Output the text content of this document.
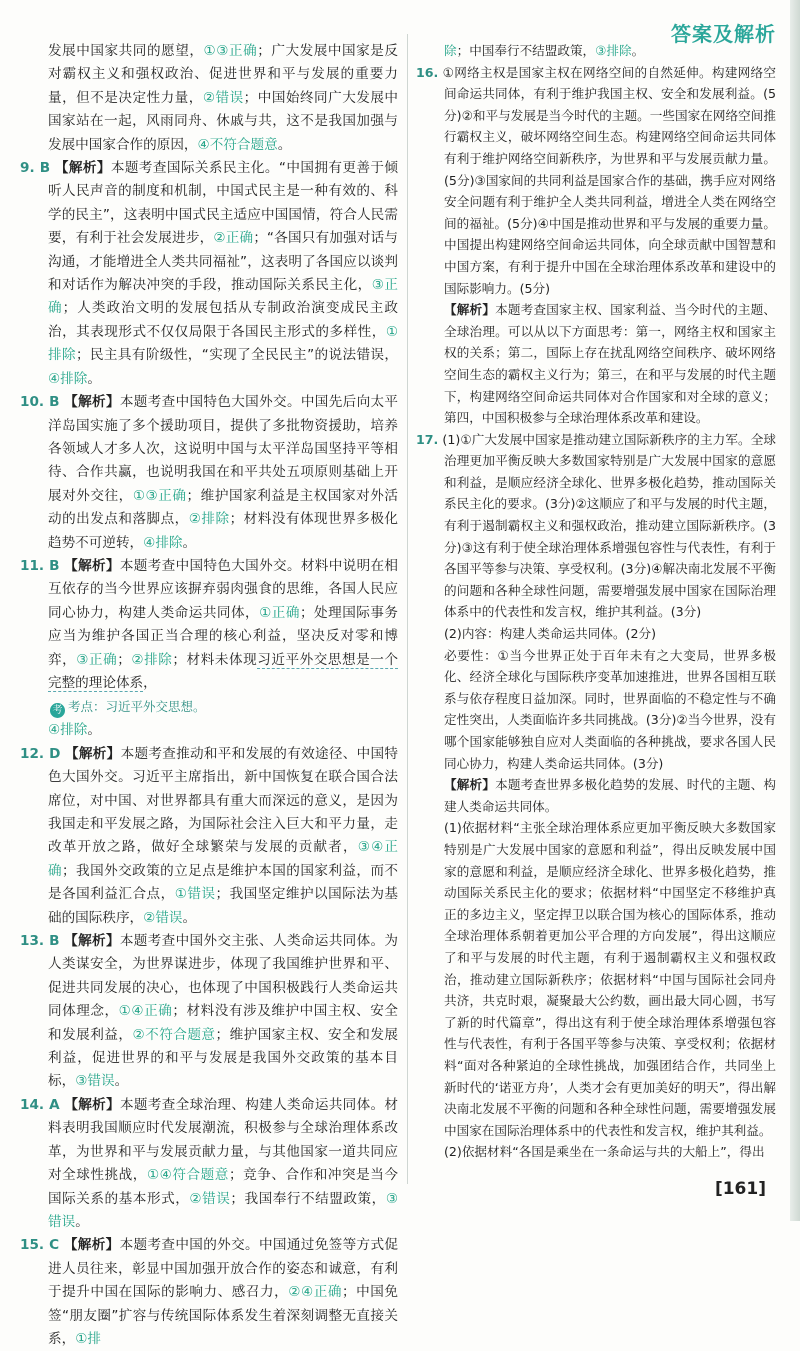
答案及解析

发展中国家共同的愿望，①③正确；广大发展中国家是反对霸权主义和强权政治、促进世界和平与发展的重要力量，但不是决定性力量，②错误；中国始终同广大发展中国家站在一起，风雨同舟、休戚与共，这不是我国加强与发展中国家合作的原因，④不符合题意。

9. B 【解析】本题考查国际关系民主化。“中国拥有更善于倾听人民声音的制度和机制，中国式民主是一种有效的、科学的民主”，这表明中国式民主适应中国国情，符合人民需要，有利于社会发展进步，②正确；“各国只有加强对话与沟通，才能增进全人类共同福祉”，这表明了各国应以谈判和对话作为解决冲突的手段，推动国际关系民主化，③正确；人类政治文明的发展包括从专制政治演变成民主政治，其表现形式不仅仅局限于各国民主形式的多样性，①排除；民主具有阶级性，“实现了全民民主”的说法错误，④排除。

10. B 【解析】本题考查中国特色大国外交。中国先后向太平洋岛国实施了多个援助项目，提供了多批物资援助，培养各领域人才多人次，这说明中国与太平洋岛国坚持平等相待、合作共赢，也说明我国在和平共处五项原则基础上开展对外交往，①③正确；维护国家利益是主权国家对外活动的出发点和落脚点，②排除；材料没有体现世界多极化趋势不可逆转，④排除。

11. B 【解析】本题考查中国特色大国外交。材料中说明在相互依存的当今世界应该摒弃弱肉强食的思维，各国人民应同心协力，构建人类命运共同体，①正确；处理国际事务应当为维护各国正当合理的核心利益，坚决反对零和博弈，③正确；②排除；材料未体现习近平外交思想是一个完整的理论体系，

考 考点：习近平外交思想。

④排除。

12. D 【解析】本题考查推动和平和发展的有效途径、中国特色大国外交。习近平主席指出，新中国恢复在联合国合法席位，对中国、对世界都具有重大而深远的意义，是因为我国走和平发展之路，为国际社会注入巨大和平力量，走改革开放之路，做好全球繁荣与发展的贡献者，③④正确；我国外交政策的立足点是维护本国的国家利益，而不是各国利益汇合点，①错误；我国坚定维护以国际法为基础的国际秩序，②错误。

13. B 【解析】本题考查中国外交主张、人类命运共同体。为人类谋安全，为世界谋进步，体现了我国维护世界和平、促进共同发展的决心，也体现了中国积极践行人类命运共同体理念，①④正确；材料没有涉及维护中国主权、安全和发展利益，②不符合题意；维护国家主权、安全和发展利益，促进世界的和平与发展是我国外交政策的基本目标，③错误。

14. A 【解析】本题考查全球治理、构建人类命运共同体。材料表明我国顺应时代发展潮流，积极参与全球治理体系改革，为世界和平与发展贡献力量，与其他国家一道共同应对全球性挑战，①④符合题意；竞争、合作和冲突是当今国际关系的基本形式，②错误；我国奉行不结盟政策，③错误。

15. C 【解析】本题考查中国的外交。中国通过免签等方式促进人员往来，彰显中国加强开放合作的姿态和诚意，有利于提升中国在国际的影响力、感召力，②④正确；中国免签“朋友圈”扩容与传统国际体系发生着深刻调整无直接关系，①排

除；中国奉行不结盟政策，③排除。

16. ①网络主权是国家主权在网络空间的自然延伸。构建网络空间命运共同体，有利于维护我国主权、安全和发展利益。(5分)②和平与发展是当今时代的主题。一些国家在网络空间推行霸权主义，破坏网络空间生态。构建网络空间命运共同体有利于维护网络空间新秩序，为世界和平与发展贡献力量。(5分)③国家间的共同利益是国家合作的基础，携手应对网络安全问题有利于维护全人类共同利益，增进全人类在网络空间的福祉。(5分)④中国是推动世界和平与发展的重要力量。中国提出构建网络空间命运共同体，向全球贡献中国智慧和中国方案，有利于提升中国在全球治理体系改革和建设中的国际影响力。(5分)

【解析】本题考查国家主权、国家利益、当今时代的主题、全球治理。可以从以下方面思考：第一，网络主权和国家主权的关系；第二，国际上存在扰乱网络空间秩序、破坏网络空间生态的霸权主义行为；第三，在和平与发展的时代主题下，构建网络空间命运共同体对合作国家和对全球的意义；第四，中国积极参与全球治理体系改革和建设。

17. (1)①广大发展中国家是推动建立国际新秩序的主力军。全球治理更加平衡反映大多数国家特别是广大发展中国家的意愿和利益，是顺应经济全球化、世界多极化趋势，推动国际关系民主化的要求。(3分)②这顺应了和平与发展的时代主题，有利于遏制霸权主义和强权政治，推动建立国际新秩序。(3分)③这有利于使全球治理体系增强包容性与代表性，有利于各国平等参与决策、享受权利。(3分)④解决南北发展不平衡的问题和各种全球性问题，需要增强发展中国家在国际治理体系中的代表性和发言权，维护其利益。(3分)

(2)内容：构建人类命运共同体。(2分)

必要性：①当今世界正处于百年未有之大变局，世界多极化、经济全球化与国际秩序变革加速推进，世界各国相互联系与依存程度日益加深。同时，世界面临的不稳定性与不确定性突出，人类面临许多共同挑战。(3分)②当今世界，没有哪个国家能够独自应对人类面临的各种挑战，要求各国人民同心协力，构建人类命运共同体。(3分)

【解析】本题考查世界多极化趋势的发展、时代的主题、构建人类命运共同体。

(1)依据材料“主张全球治理体系应更加平衡反映大多数国家特别是广大发展中国家的意愿和利益”，得出反映发展中国家的意愿和利益，是顺应经济全球化、世界多极化趋势，推动国际关系民主化的要求；依据材料“中国坚定不移维护真正的多边主义，坚定捍卫以联合国为核心的国际体系，推动全球治理体系朝着更加公平合理的方向发展”，得出这顺应了和平与发展的时代主题，有利于遏制霸权主义和强权政治，推动建立国际新秩序；依据材料“中国与国际社会同舟共济，共克时艰，凝聚最大公约数，画出最大同心圆，书写了新的时代篇章”，得出这有利于使全球治理体系增强包容性与代表性，有利于各国平等参与决策、享受权利；依据材料“面对各种紧迫的全球性挑战，加强团结合作，共同坐上新时代的‘诺亚方舟’，人类才会有更加美好的明天”，得出解决南北发展不平衡的问题和各种全球性问题，需要增强发展中国家在国际治理体系中的代表性和发言权，维护其利益。

(2)依据材料“各国是乘坐在一条命运与共的大船上”，得出

[161]
